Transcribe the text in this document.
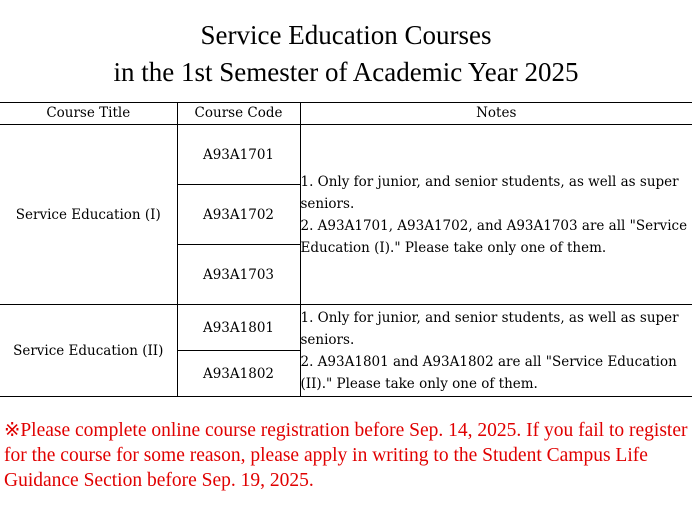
Service Education Courses
in the 1st Semester of Academic Year 2025
Course Title	Course Code	Notes
Service Education (I)	A93A1701	1. Only for junior, and senior students, as well as super seniors.
2. A93A1701, A93A1702, and A93A1703 are all "Service Education (I)." Please take only one of them.

	A93A1702	
	A93A1703	
Service Education (II)	A93A1801	1. Only for junior, and senior students, as well as super seniors.
2. A93A1801 and A93A1802 are all "Service Education (II)." Please take only one of them.

	A93A1802	
※Please complete online course registration before Sep. 14, 2025. If you fail to register for the course for some reason, please apply in writing to the Student Campus Life Guidance Section before Sep. 19, 2025.
